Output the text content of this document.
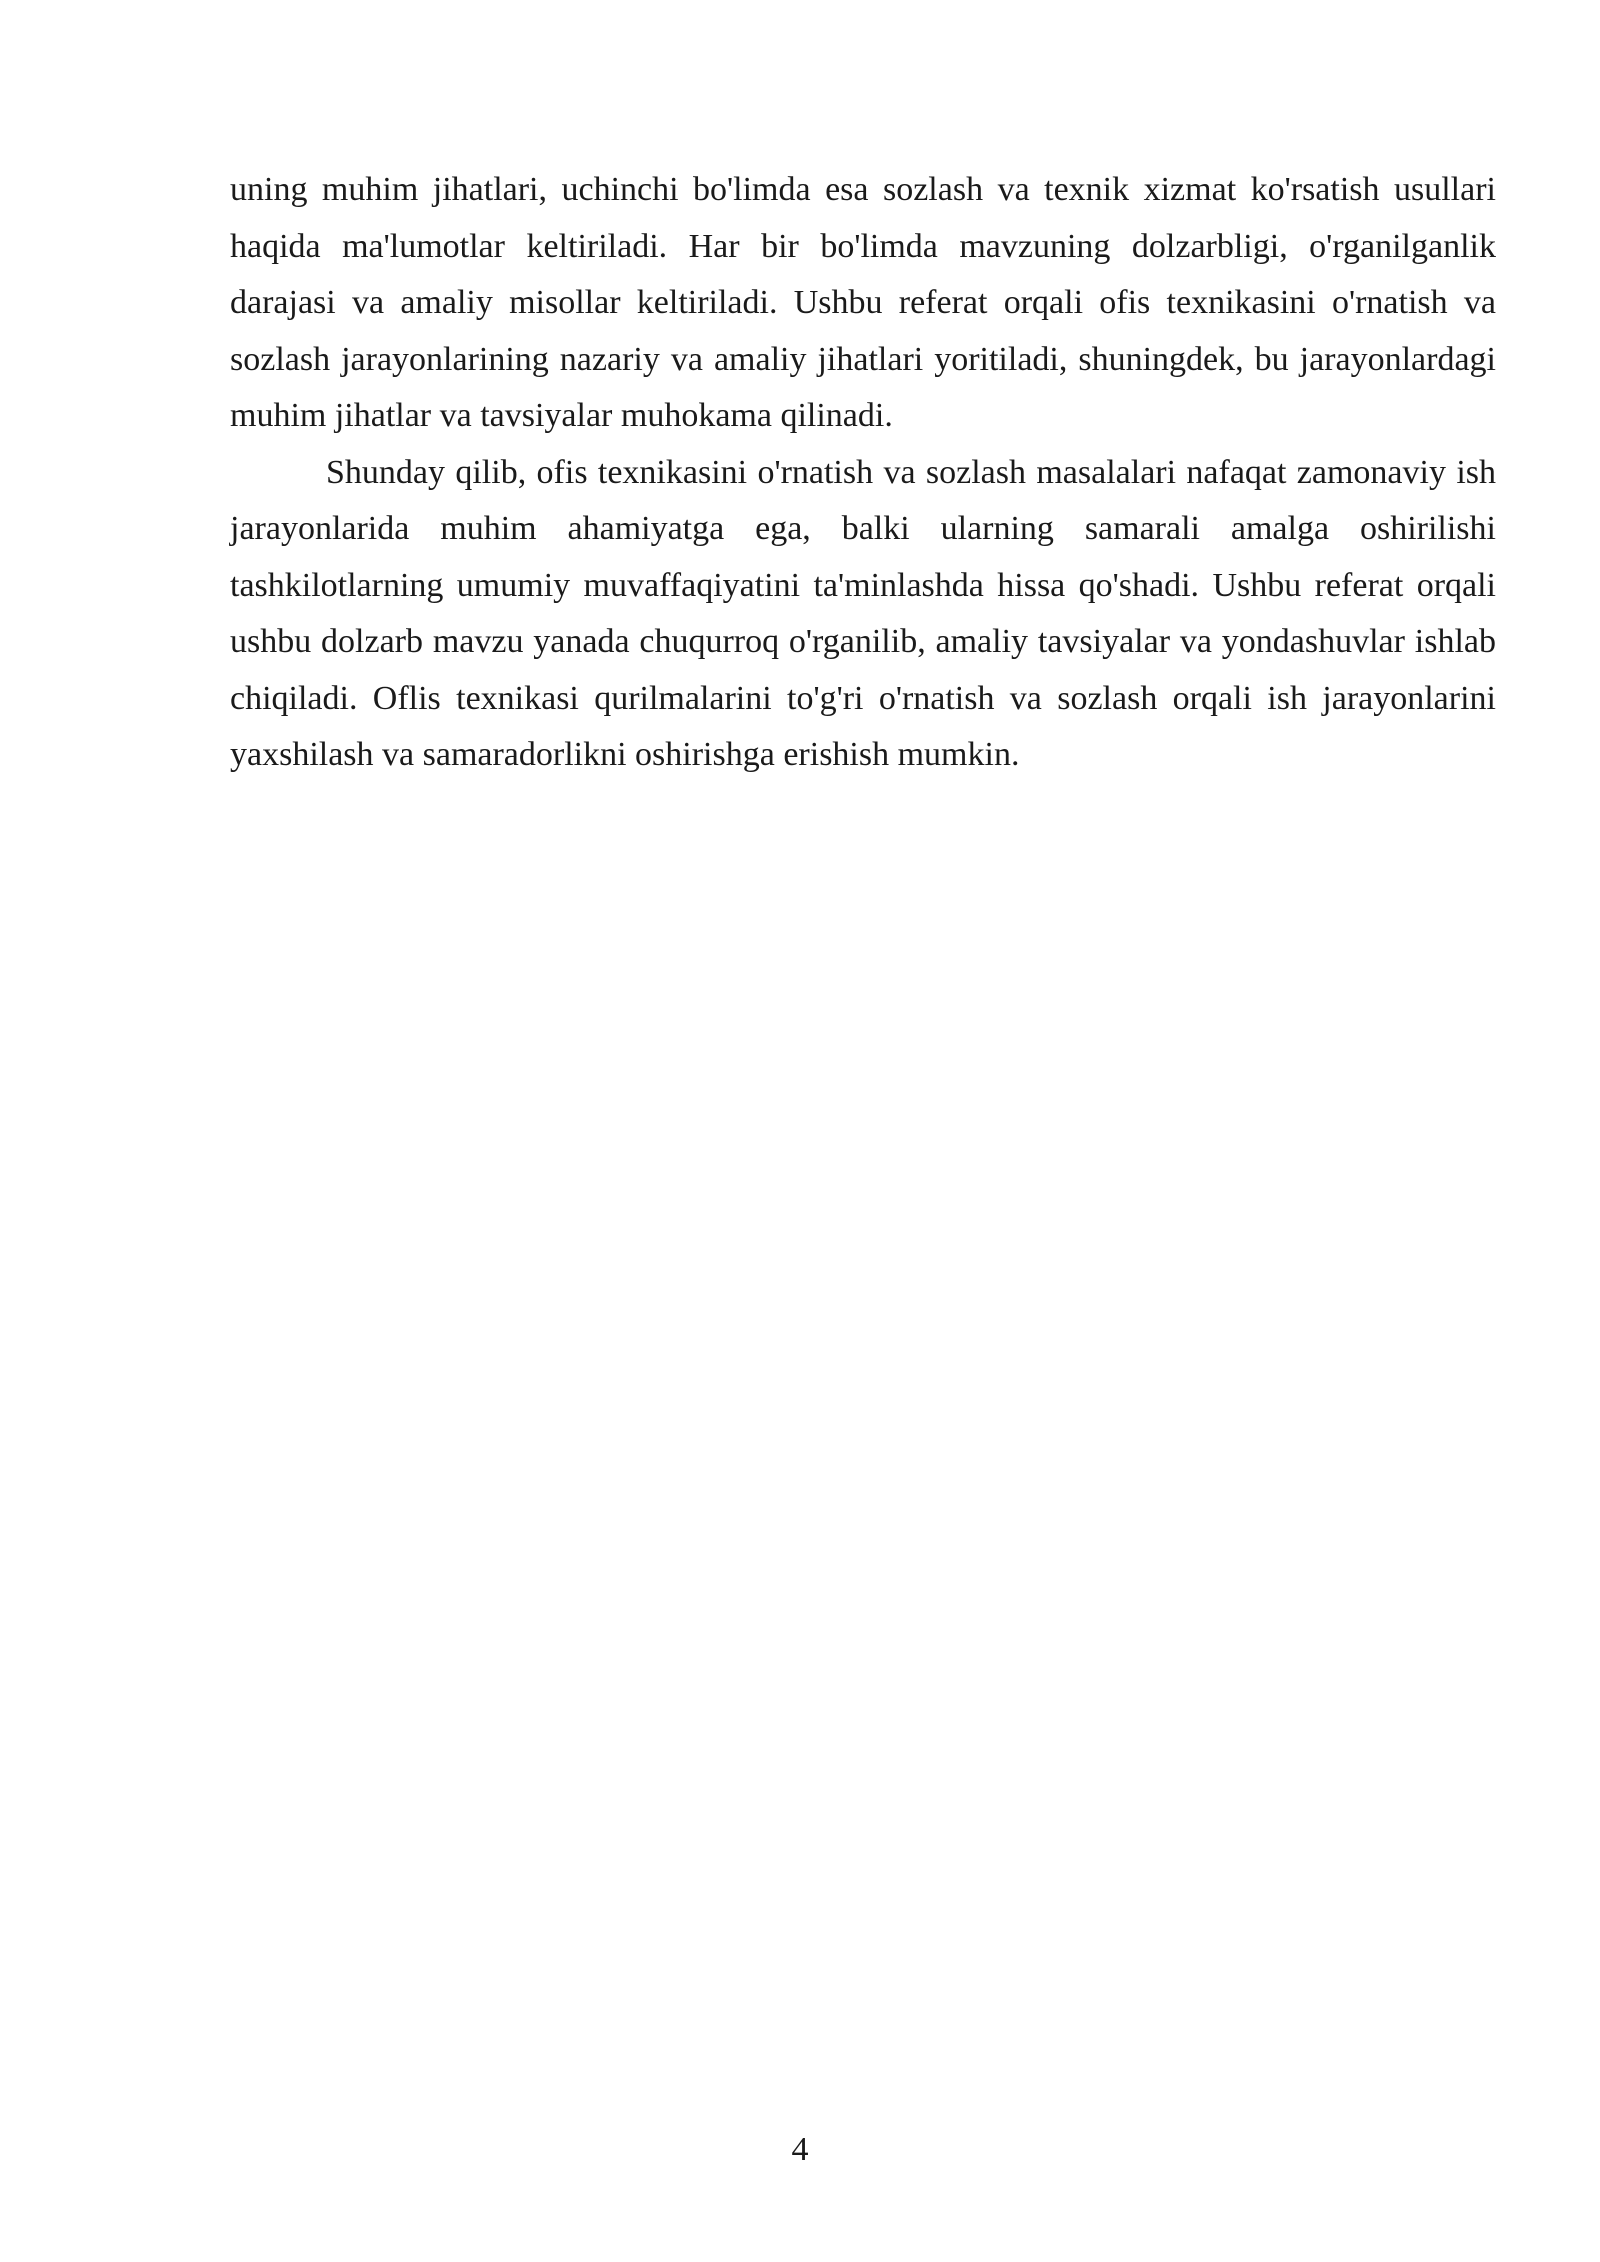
uning muhim jihatlari, uchinchi bo'limda esa sozlash va texnik xizmat ko'rsatish usullari haqida ma'lumotlar keltiriladi. Har bir bo'limda mavzuning dolzarbligi, o'rganilganlik darajasi va amaliy misollar keltiriladi. Ushbu referat orqali ofis texnikasini o'rnatish va sozlash jarayonlarining nazariy va amaliy jihatlari yoritiladi, shuningdek, bu jarayonlardagi muhim jihatlar va tavsiyalar muhokama qilinadi.

Shunday qilib, ofis texnikasini o'rnatish va sozlash masalalari nafaqat zamonaviy ish jarayonlarida muhim ahamiyatga ega, balki ularning samarali amalga oshirilishi tashkilotlarning umumiy muvaffaqiyatini ta'minlashda hissa qo'shadi. Ushbu referat orqali ushbu dolzarb mavzu yanada chuqurroq o'rganilib, amaliy tavsiyalar va yondashuvlar ishlab chiqiladi. Oflis texnikasi qurilmalarini to'g'ri o'rnatish va sozlash orqali ish jarayonlarini yaxshilash va samaradorlikni oshirishga erishish mumkin.

4
